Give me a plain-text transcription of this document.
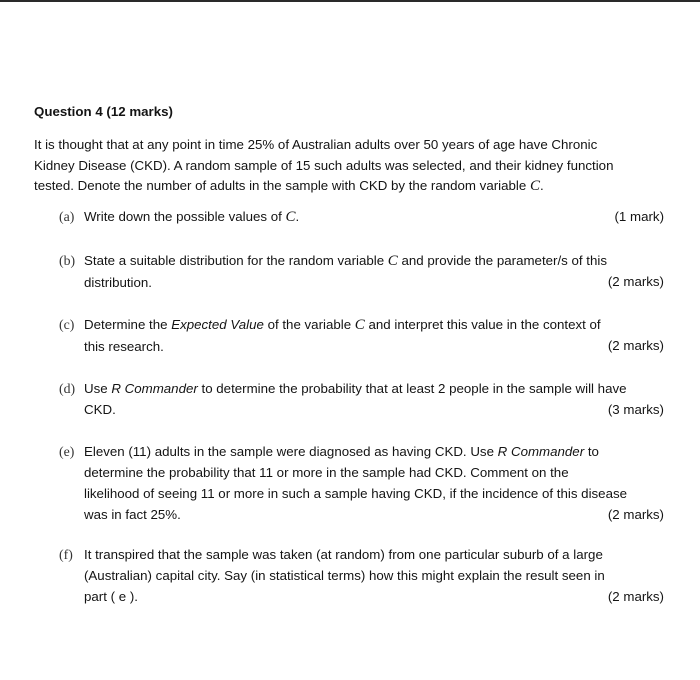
Question 4 (12 marks)
It is thought that at any point in time 25% of Australian adults over 50 years of age have Chronic
Kidney Disease (CKD). A random sample of 15 such adults was selected, and their kidney function
tested. Denote the number of adults in the sample with CKD by the random variable C.
(a) Write down the possible values of C.	(1 mark)
(b) State a suitable distribution for the random variable C and provide the parameter/s of this
distribution.	(2 marks)
(c) Determine the Expected Value of the variable C and interpret this value in the context of
this research.	(2 marks)
(d) Use R Commander to determine the probability that at least 2 people in the sample will have
CKD.	(3 marks)
(e) Eleven (11) adults in the sample were diagnosed as having CKD. Use R Commander to
determine the probability that 11 or more in the sample had CKD. Comment on the
likelihood of seeing 11 or more in such a sample having CKD, if the incidence of this disease
was in fact 25%.	(2 marks)
(f) It transpired that the sample was taken (at random) from one particular suburb of a large
(Australian) capital city. Say (in statistical terms) how this might explain the result seen in
part ( e ).	(2 marks)
